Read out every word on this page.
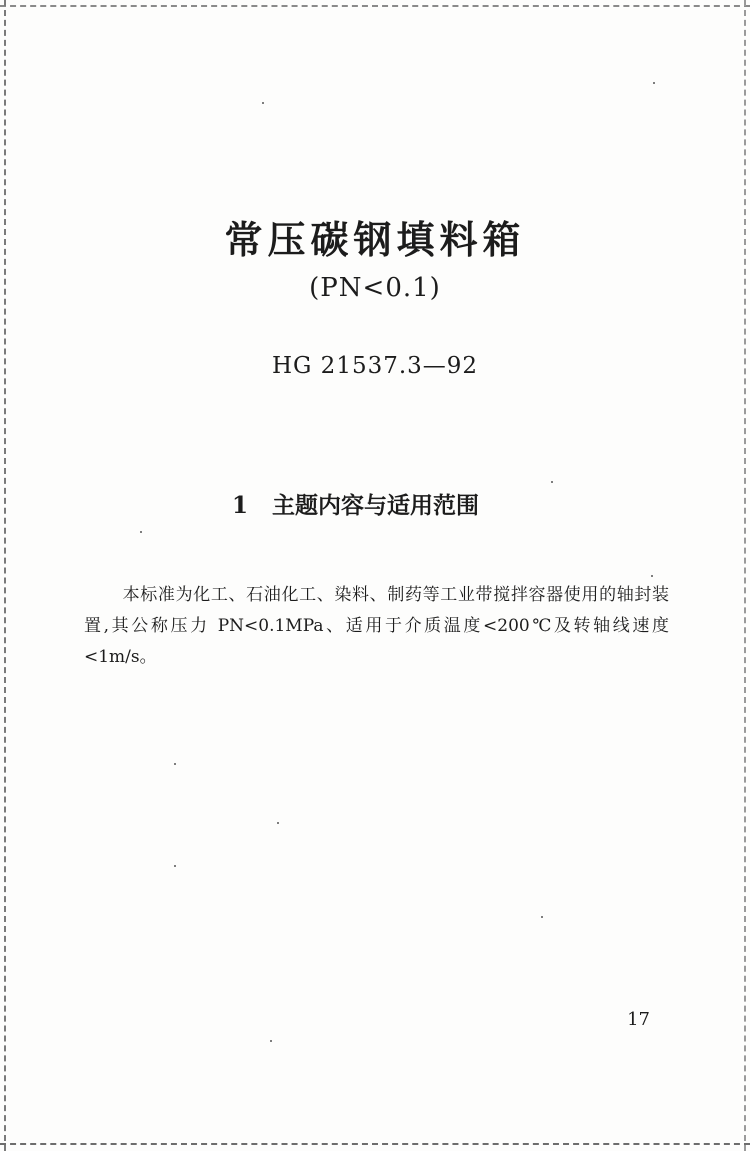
常压碳钢填料箱
(PN<0.1)
HG 21537.3—92
1 主题内容与适用范围
本标准为化工、石油化工、染料、制药等工业带搅拌容器使用的轴封装置,其公称压力 PN<0.1MPa、适用于介质温度<200℃及转轴线速度<1m/s。
17
